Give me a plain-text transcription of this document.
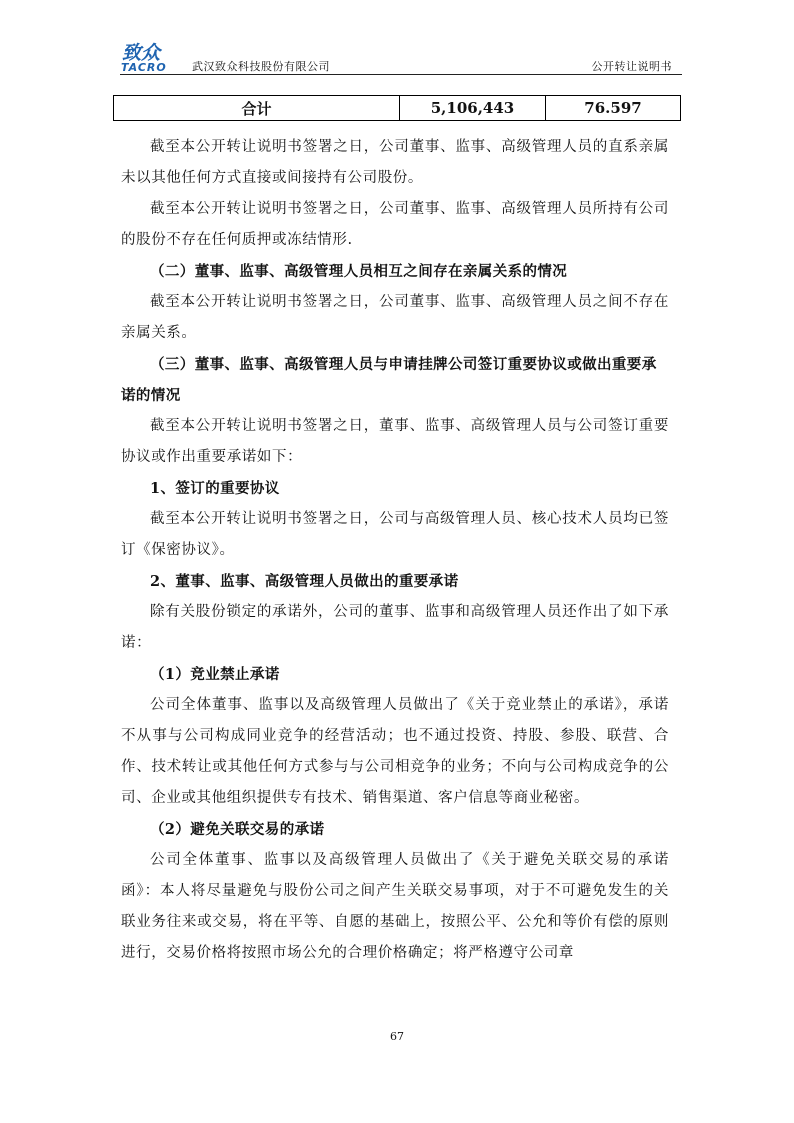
致众
TACRO 武汉致众科技股份有限公司	公开转让说明书
合计	5,106,443	76.597

截至本公开转让说明书签署之日，公司董事、监事、高级管理人员的直系亲属未以其他任何方式直接或间接持有公司股份。

截至本公开转让说明书签署之日，公司董事、监事、高级管理人员所持有公司的股份不存在任何质押或冻结情形.

（二）董事、监事、高级管理人员相互之间存在亲属关系的情况

截至本公开转让说明书签署之日，公司董事、监事、高级管理人员之间不存在亲属关系。

（三）董事、监事、高级管理人员与申请挂牌公司签订重要协议或做出重要承诺的情况

截至本公开转让说明书签署之日，董事、监事、高级管理人员与公司签订重要协议或作出重要承诺如下：

1、签订的重要协议

截至本公开转让说明书签署之日，公司与高级管理人员、核心技术人员均已签订《保密协议》。

2、董事、监事、高级管理人员做出的重要承诺

除有关股份锁定的承诺外，公司的董事、监事和高级管理人员还作出了如下承诺：

（1）竞业禁止承诺

公司全体董事、监事以及高级管理人员做出了《关于竞业禁止的承诺》，承诺不从事与公司构成同业竞争的经营活动；也不通过投资、持股、参股、联营、合作、技术转让或其他任何方式参与与公司相竞争的业务；不向与公司构成竞争的公司、企业或其他组织提供专有技术、销售渠道、客户信息等商业秘密。

（2）避免关联交易的承诺

公司全体董事、监事以及高级管理人员做出了《关于避免关联交易的承诺函》：本人将尽量避免与股份公司之间产生关联交易事项，对于不可避免发生的关联业务往来或交易，将在平等、自愿的基础上，按照公平、公允和等价有偿的原则进行，交易价格将按照市场公允的合理价格确定；将严格遵守公司章

67
